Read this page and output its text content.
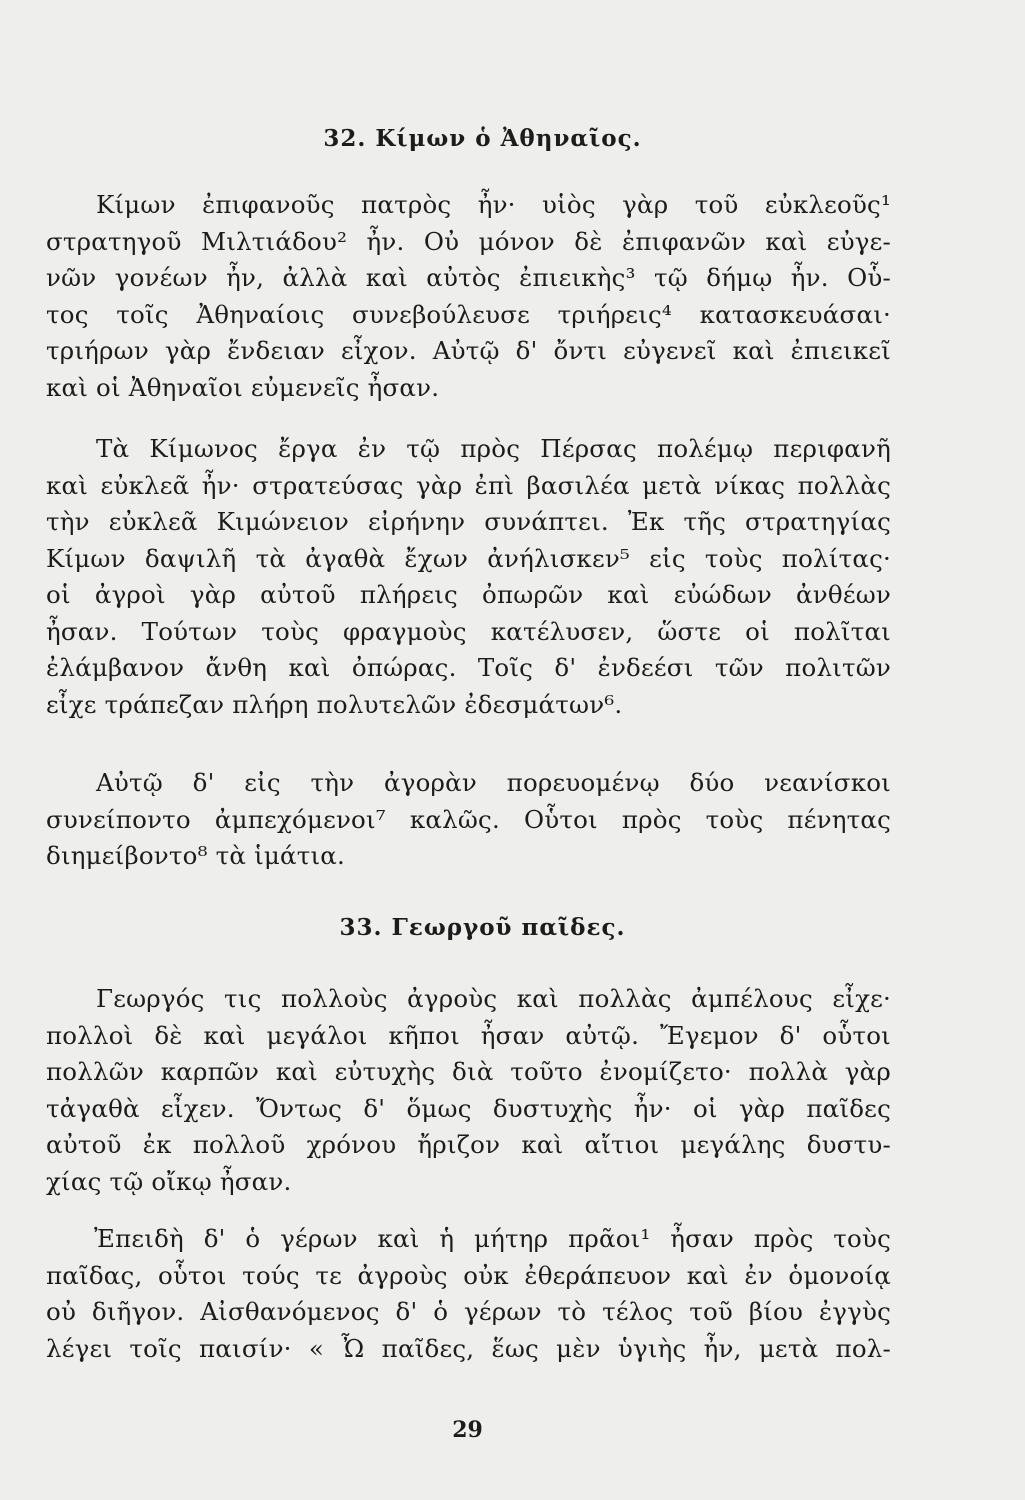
32. Κίμων ὁ Ἀθηναῖος.
Κίμων ἐπιφανοῦς πατρὸς ἦν· υἱὸς γὰρ τοῦ εὐκλεοῦς¹
στρατηγοῦ Μιλτιάδου² ἦν. Οὐ μόνον δὲ ἐπιφανῶν καὶ εὐγε-
νῶν γονέων ἦν, ἀλλὰ καὶ αὐτὸς ἐπιεικὴς³ τῷ δήμῳ ἦν. Οὗ-
τος τοῖς Ἀθηναίοις συνεβούλευσε τριήρεις⁴ κατασκευάσαι·
τριήρων γὰρ ἔνδειαν εἶχον. Αὐτῷ δ' ὄντι εὐγενεῖ καὶ ἐπιεικεῖ
καὶ οἱ Ἀθηναῖοι εὐμενεῖς ἦσαν.
Τὰ Κίμωνος ἔργα ἐν τῷ πρὸς Πέρσας πολέμῳ περιφανῆ
καὶ εὐκλεᾶ ἦν· στρατεύσας γὰρ ἐπὶ βασιλέα μετὰ νίκας πολλὰς
τὴν εὐκλεᾶ Κιμώνειον εἰρήνην συνάπτει. Ἐκ τῆς στρατηγίας
Κίμων δαψιλῆ τὰ ἀγαθὰ ἔχων ἀνήλισκεν⁵ εἰς τοὺς πολίτας·
οἱ ἀγροὶ γὰρ αὐτοῦ πλήρεις ὀπωρῶν καὶ εὐώδων ἀνθέων
ἦσαν. Τούτων τοὺς φραγμοὺς κατέλυσεν, ὥστε οἱ πολῖται
ἐλάμβανον ἄνθη καὶ ὀπώρας. Τοῖς δ' ἐνδεέσι τῶν πολιτῶν
εἶχε τράπεζαν πλήρη πολυτελῶν ἐδεσμάτων⁶.
Αὐτῷ δ' εἰς τὴν ἀγορὰν πορευομένῳ δύο νεανίσκοι
συνείποντο ἀμπεχόμενοι⁷ καλῶς. Οὗτοι πρὸς τοὺς πένητας
διημείβοντο⁸ τὰ ἱμάτια.
33. Γεωργοῦ παῖδες.
Γεωργός τις πολλοὺς ἀγροὺς καὶ πολλὰς ἀμπέλους εἶχε·
πολλοὶ δὲ καὶ μεγάλοι κῆποι ἦσαν αὐτῷ. Ἔγεμον δ' οὗτοι
πολλῶν καρπῶν καὶ εὐτυχὴς διὰ τοῦτο ἐνομίζετο· πολλὰ γὰρ
τἀγαθὰ εἶχεν. Ὄντως δ' ὅμως δυστυχὴς ἦν· οἱ γὰρ παῖδες
αὐτοῦ ἐκ πολλοῦ χρόνου ἤριζον καὶ αἴτιοι μεγάλης δυστυ-
χίας τῷ οἴκῳ ἦσαν.
Ἐπειδὴ δ' ὁ γέρων καὶ ἡ μήτηρ πρᾶοι¹ ἦσαν πρὸς τοὺς
παῖδας, οὗτοι τούς τε ἀγροὺς οὐκ ἐθεράπευον καὶ ἐν ὁμονοίᾳ
οὐ διῆγον. Αἰσθανόμενος δ' ὁ γέρων τὸ τέλος τοῦ βίου ἐγγὺς
λέγει τοῖς παισίν· « Ὦ παῖδες, ἕως μὲν ὑγιὴς ἦν, μετὰ πολ-
29
